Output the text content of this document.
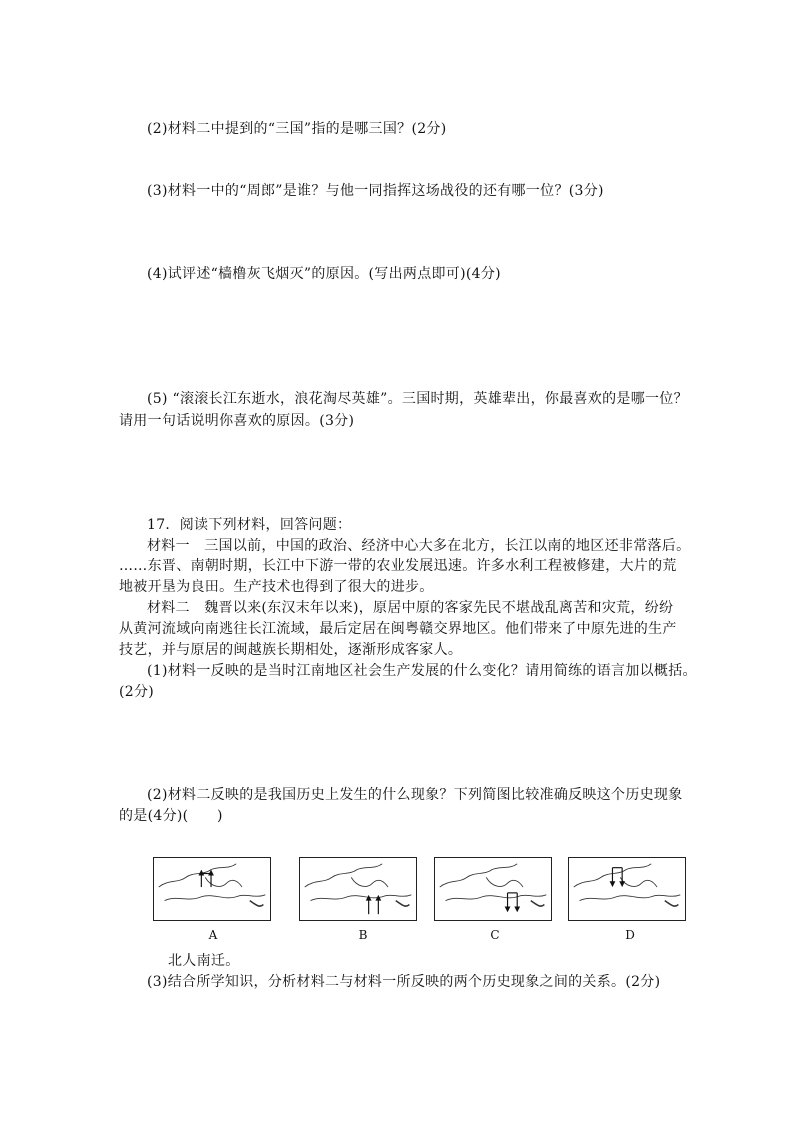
(2)材料二中提到的“三国”指的是哪三国？(2分)
(3)材料一中的“周郎”是谁？与他一同指挥这场战役的还有哪一位？(3分)
(4)试评述“樯橹灰飞烟灭”的原因。(写出两点即可)(4分)
(5) “滚滚长江东逝水，浪花淘尽英雄”。三国时期，英雄辈出，你最喜欢的是哪一位？
请用一句话说明你喜欢的原因。(3分)
17．阅读下列材料，回答问题：
材料一　三国以前，中国的政治、经济中心大多在北方，长江以南的地区还非常落后。
……东晋、南朝时期，长江中下游一带的农业发展迅速。许多水利工程被修建，大片的荒
地被开垦为良田。生产技术也得到了很大的进步。
材料二　魏晋以来(东汉末年以来)，原居中原的客家先民不堪战乱离苦和灾荒，纷纷
从黄河流域向南逃往长江流域，最后定居在闽粤赣交界地区。他们带来了中原先进的生产
技艺，并与原居的闽越族长期相处，逐渐形成客家人。
(1)材料一反映的是当时江南地区社会生产发展的什么变化？请用简练的语言加以概括。
(2分)
(2)材料二反映的是我国历史上发生的什么现象？下列简图比较准确反映这个历史现象
的是(4分)(　　)
A	B	C	D
北人南迁。
(3)结合所学知识，分析材料二与材料一所反映的两个历史现象之间的关系。(2分)
